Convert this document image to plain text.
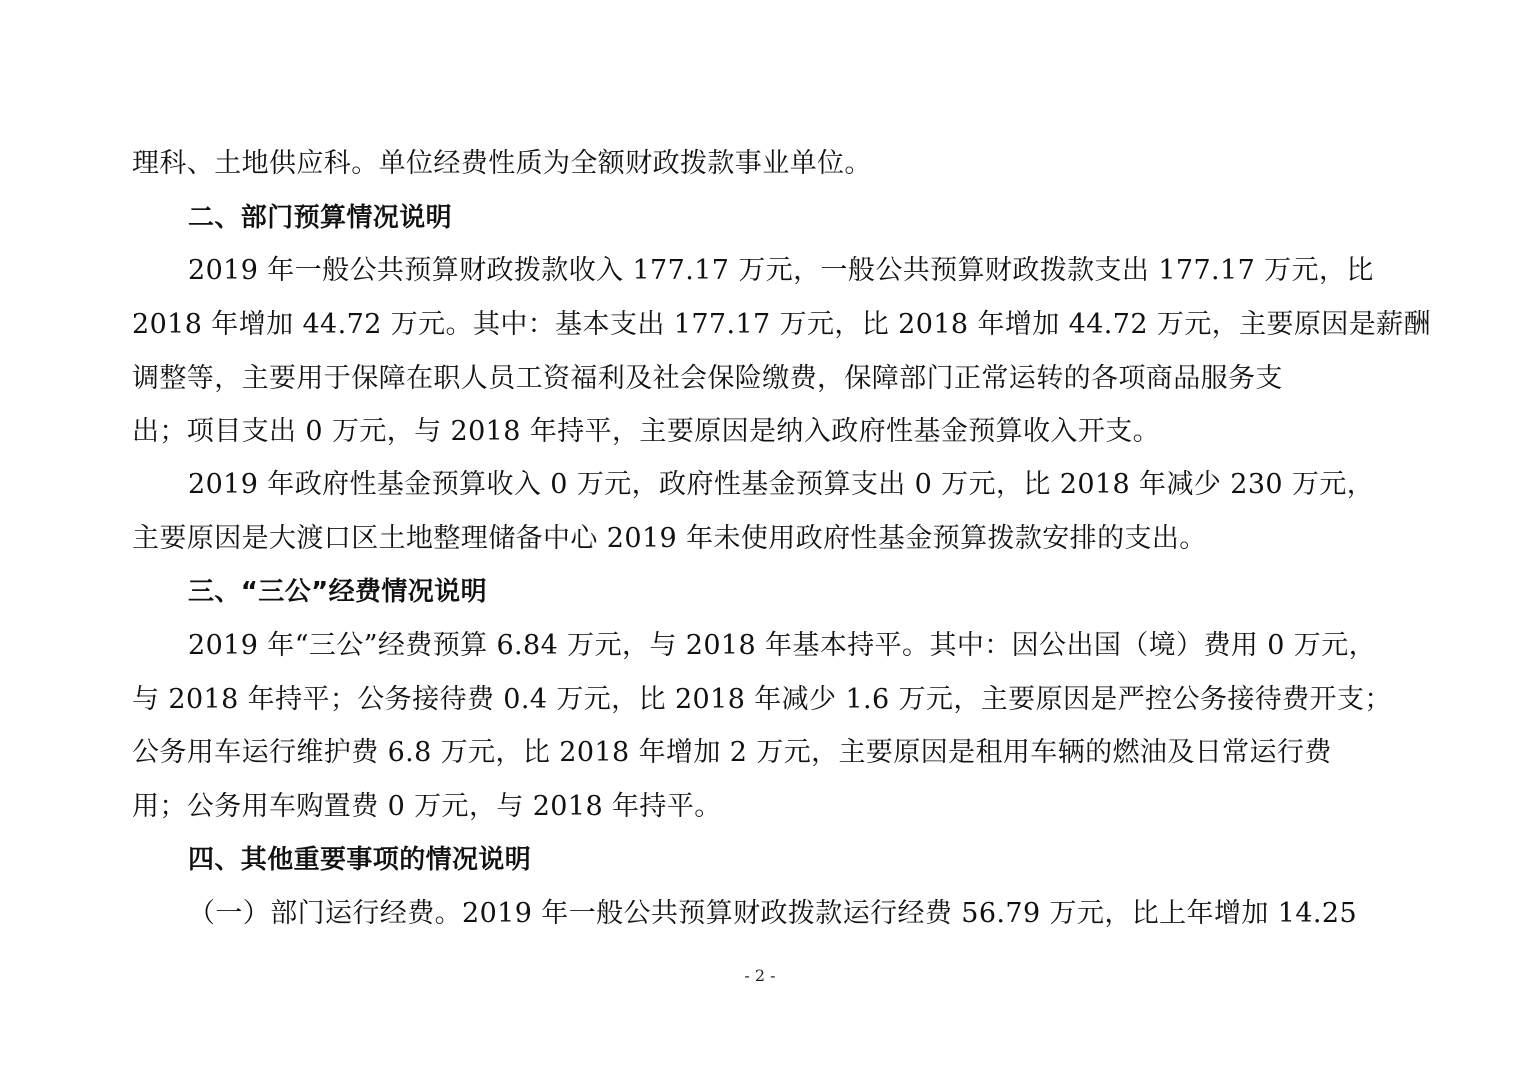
理科、土地供应科。单位经费性质为全额财政拨款事业单位。
二、部门预算情况说明
2019 年一般公共预算财政拨款收入 177.17 万元，一般公共预算财政拨款支出 177.17 万元，比
2018 年增加 44.72 万元。其中：基本支出 177.17 万元，比 2018 年增加 44.72 万元，主要原因是薪酬
调整等，主要用于保障在职人员工资福利及社会保险缴费，保障部门正常运转的各项商品服务支
出；项目支出 0 万元，与 2018 年持平，主要原因是纳入政府性基金预算收入开支。
2019 年政府性基金预算收入 0 万元，政府性基金预算支出 0 万元，比 2018 年减少 230 万元，
主要原因是大渡口区土地整理储备中心 2019 年未使用政府性基金预算拨款安排的支出。
三、“三公”经费情况说明
2019 年“三公”经费预算 6.84 万元，与 2018 年基本持平。其中：因公出国（境）费用 0 万元，
与 2018 年持平；公务接待费 0.4 万元，比 2018 年减少 1.6 万元，主要原因是严控公务接待费开支；
公务用车运行维护费 6.8 万元，比 2018 年增加 2 万元，主要原因是租用车辆的燃油及日常运行费
用；公务用车购置费 0 万元，与 2018 年持平。
四、其他重要事项的情况说明
（一）部门运行经费。2019 年一般公共预算财政拨款运行经费 56.79 万元，比上年增加 14.25
- 2 -
